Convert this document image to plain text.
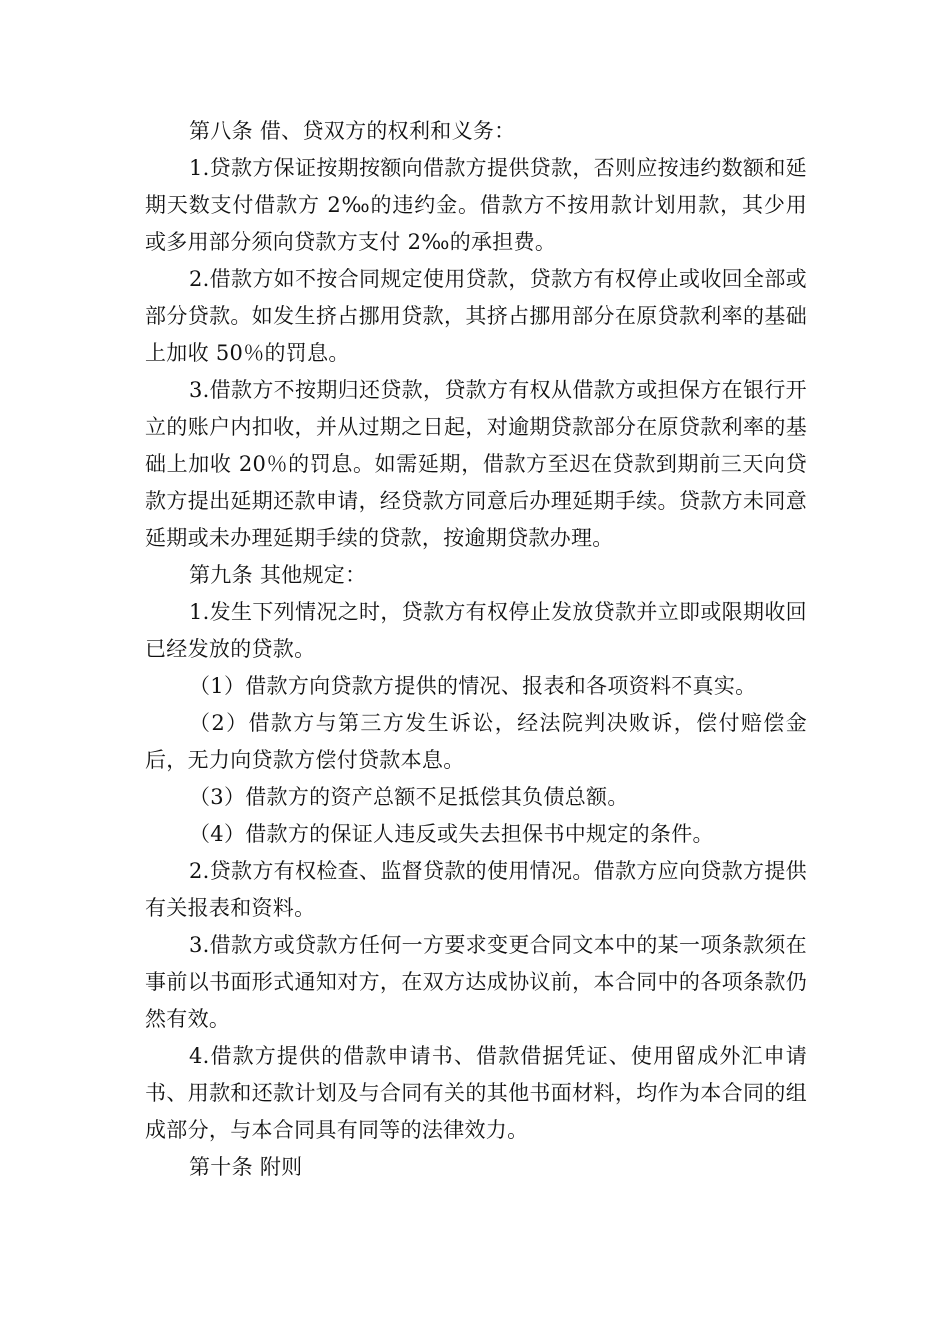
第八条 借、贷双方的权利和义务：

1.贷款方保证按期按额向借款方提供贷款，否则应按违约数额和延期天数支付借款方 2‰的违约金。借款方不按用款计划用款，其少用或多用部分须向贷款方支付 2‰的承担费。

2.借款方如不按合同规定使用贷款，贷款方有权停止或收回全部或部分贷款。如发生挤占挪用贷款，其挤占挪用部分在原贷款利率的基础上加收 50％的罚息。

3.借款方不按期归还贷款，贷款方有权从借款方或担保方在银行开立的账户内扣收，并从过期之日起，对逾期贷款部分在原贷款利率的基础上加收 20％的罚息。如需延期，借款方至迟在贷款到期前三天向贷款方提出延期还款申请，经贷款方同意后办理延期手续。贷款方未同意延期或未办理延期手续的贷款，按逾期贷款办理。

第九条 其他规定：

1.发生下列情况之时，贷款方有权停止发放贷款并立即或限期收回已经发放的贷款。

（1）借款方向贷款方提供的情况、报表和各项资料不真实。

（2）借款方与第三方发生诉讼，经法院判决败诉，偿付赔偿金后，无力向贷款方偿付贷款本息。

（3）借款方的资产总额不足抵偿其负债总额。

（4）借款方的保证人违反或失去担保书中规定的条件。

2.贷款方有权检查、监督贷款的使用情况。借款方应向贷款方提供有关报表和资料。

3.借款方或贷款方任何一方要求变更合同文本中的某一项条款须在事前以书面形式通知对方，在双方达成协议前，本合同中的各项条款仍然有效。

4.借款方提供的借款申请书、借款借据凭证、使用留成外汇申请书、用款和还款计划及与合同有关的其他书面材料，均作为本合同的组成部分，与本合同具有同等的法律效力。

第十条 附则
